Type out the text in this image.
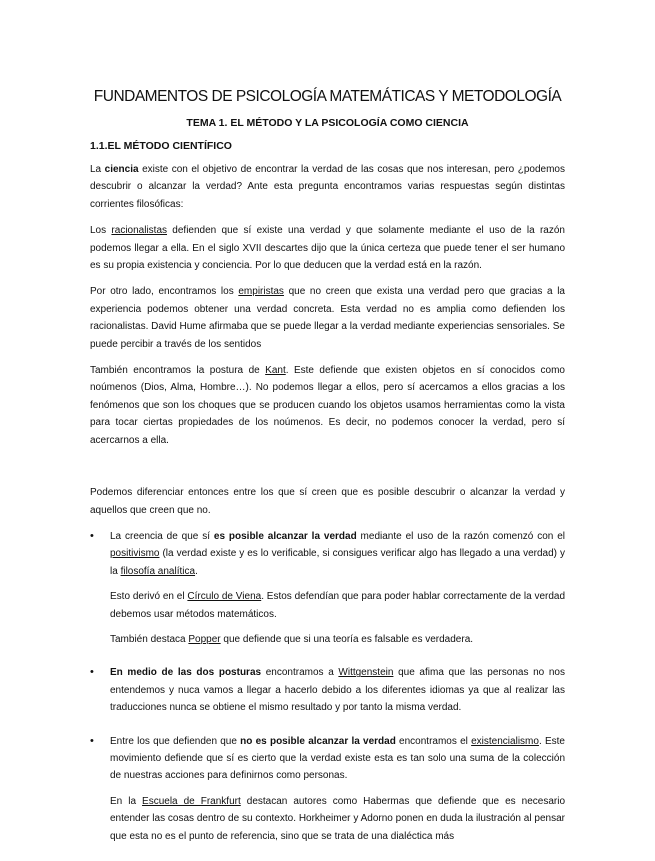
FUNDAMENTOS DE PSICOLOGÍA MATEMÁTICAS Y METODOLOGÍA
TEMA 1. EL MÉTODO Y LA PSICOLOGÍA COMO CIENCIA
1.1.EL MÉTODO CIENTÍFICO

La ciencia existe con el objetivo de encontrar la verdad de las cosas que nos interesan, pero ¿podemos descubrir o alcanzar la verdad? Ante esta pregunta encontramos varias respuestas según distintas corrientes filosóficas:

Los racionalistas defienden que sí existe una verdad y que solamente mediante el uso de la razón podemos llegar a ella. En el siglo XVII descartes dijo que la única certeza que puede tener el ser humano es su propia existencia y conciencia. Por lo que deducen que la verdad está en la razón.

Por otro lado, encontramos los empiristas que no creen que exista una verdad pero que gracias a la experiencia podemos obtener una verdad concreta. Esta verdad no es amplia como defienden los racionalistas. David Hume afirmaba que se puede llegar a la verdad mediante experiencias sensoriales. Se puede percibir a través de los sentidos

También encontramos la postura de Kant. Este defiende que existen objetos en sí conocidos como noúmenos (Dios, Alma, Hombre…). No podemos llegar a ellos, pero sí acercamos a ellos gracias a los fenómenos que son los choques que se producen cuando los objetos usamos herramientas como la vista para tocar ciertas propiedades de los noúmenos. Es decir, no podemos conocer la verdad, pero sí acercarnos a ella.

Podemos diferenciar entonces entre los que sí creen que es posible descubrir o alcanzar la verdad y aquellos que creen que no.

•	La creencia de que sí es posible alcanzar la verdad mediante el uso de la razón comenzó con el positivismo (la verdad existe y es lo verificable, si consigues verificar algo has llegado a una verdad) y la filosofía analítica.

Esto derivó en el Círculo de Viena. Estos defendían que para poder hablar correctamente de la verdad debemos usar métodos matemáticos.

También destaca Popper que defiende que si una teoría es falsable es verdadera.

•	En medio de las dos posturas encontramos a Wittgenstein que afima que las personas no nos entendemos y nuca vamos a llegar a hacerlo debido a los diferentes idiomas ya que al realizar las traducciones nunca se obtiene el mismo resultado y por tanto la misma verdad.

•	Entre los que defienden que no es posible alcanzar la verdad encontramos el existencialismo. Este movimiento defiende que sí es cierto que la verdad existe esta es tan solo una suma de la colección de nuestras acciones para definirnos como personas.

En la Escuela de Frankfurt destacan autores como Habermas que defiende que es necesario entender las cosas dentro de su contexto. Horkheimer y Adorno ponen en duda la ilustración al pensar que esta no es el punto de referencia, sino que se trata de una dialéctica más
